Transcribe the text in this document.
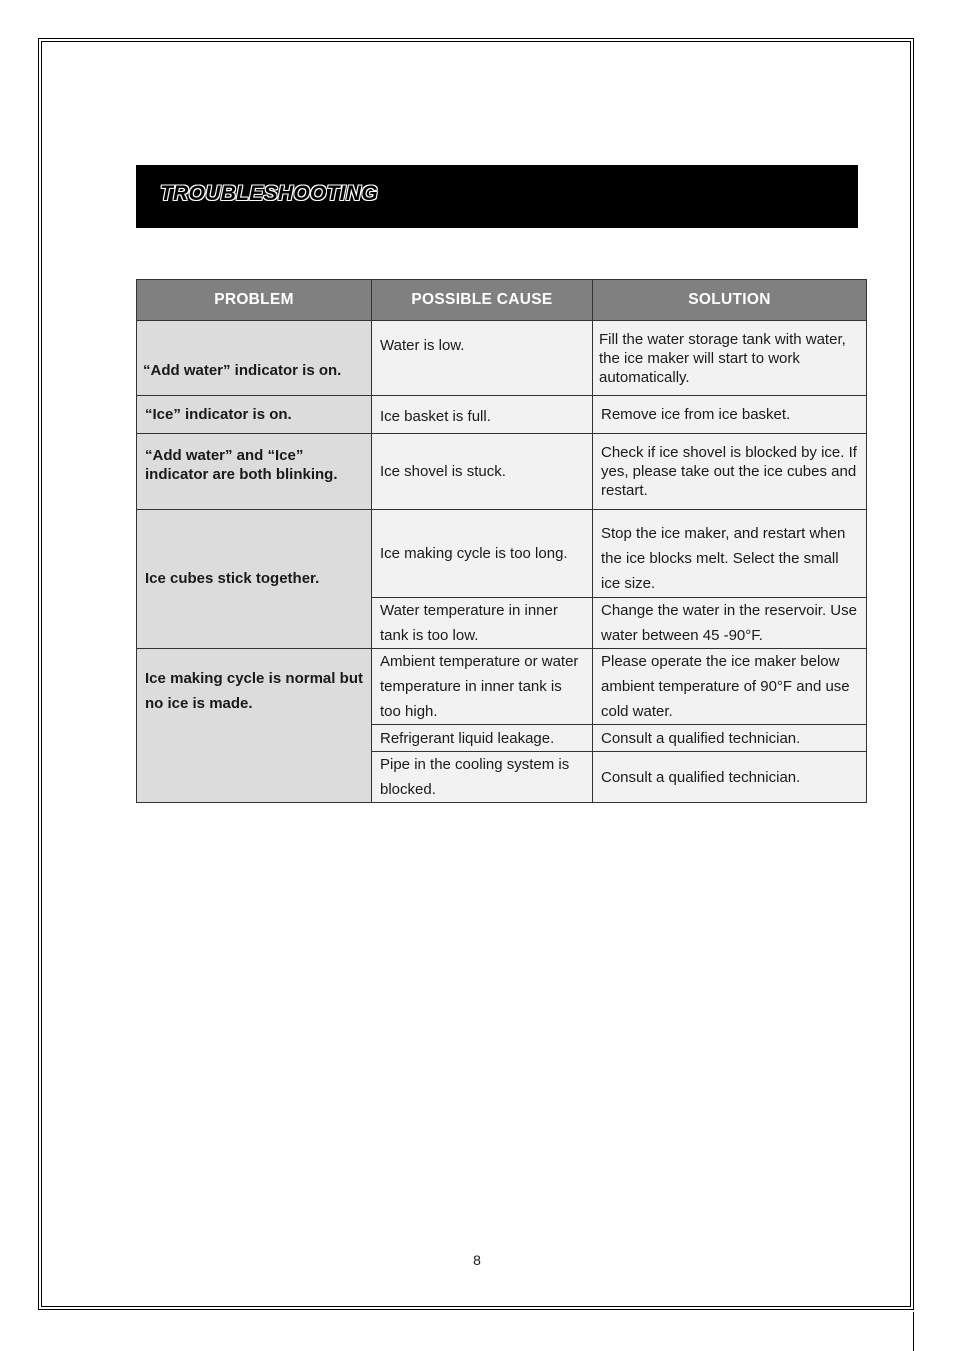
TROUBLESHOOTING
PROBLEM	POSSIBLE CAUSE	SOLUTION
“Add water” indicator is on.	Water is low.	Fill the water storage tank with water, the ice maker will start to work automatically.
“Ice” indicator is on.	Ice basket is full.	Remove ice from ice basket.
“Add water” and “Ice” indicator are both blinking.	Ice shovel is stuck.	Check if ice shovel is blocked by ice. If yes, please take out the ice cubes and restart.
Ice cubes stick together.	Ice making cycle is too long.	Stop the ice maker, and restart when the ice blocks melt. Select the small ice size.
	Water temperature in inner tank is too low.	Change the water in the reservoir. Use water between 45 -90°F.
Ice making cycle is normal but no ice is made.	Ambient temperature or water temperature in inner tank is too high.	Please operate the ice maker below ambient temperature of 90°F and use cold water.
	Refrigerant liquid leakage.	Consult a qualified technician.
	Pipe in the cooling system is blocked.	Consult a qualified technician.
8
